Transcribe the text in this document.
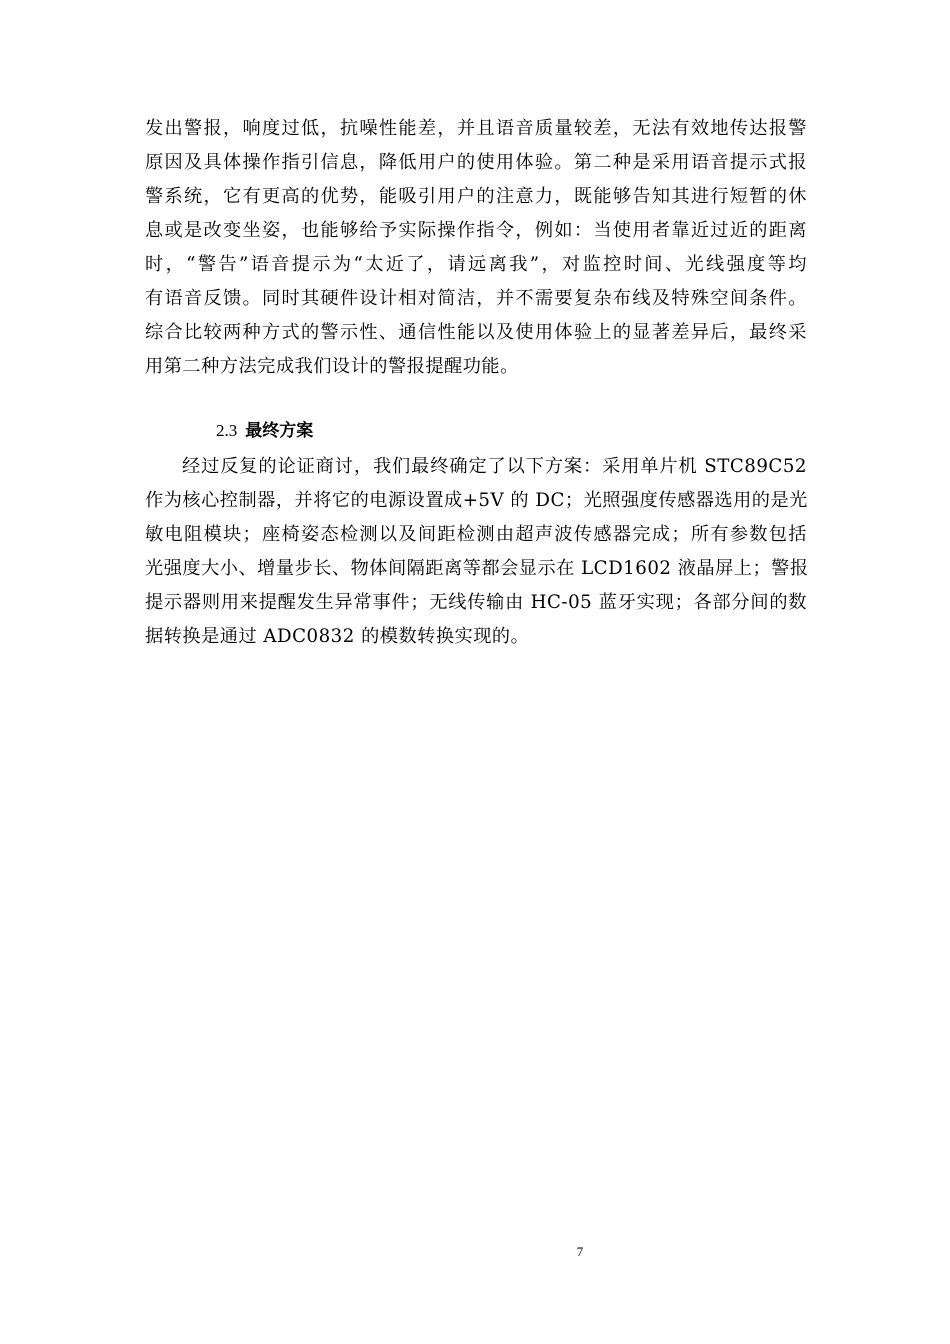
发出警报，响度过低，抗噪性能差，并且语音质量较差，无法有效地传达报警
原因及具体操作指引信息，降低用户的使用体验。第二种是采用语音提示式报
警系统，它有更高的优势，能吸引用户的注意力，既能够告知其进行短暂的休
息或是改变坐姿，也能够给予实际操作指令，例如：当使用者靠近过近的距离
时，“警告”语音提示为“太近了，请远离我”，对监控时间、光线强度等均
有语音反馈。同时其硬件设计相对简洁，并不需要复杂布线及特殊空间条件。
综合比较两种方式的警示性、通信性能以及使用体验上的显著差异后，最终采
用第二种方法完成我们设计的警报提醒功能。
2.3 最终方案
经过反复的论证商讨，我们最终确定了以下方案：采用单片机 STC89C52
作为核心控制器，并将它的电源设置成+5V 的 DC；光照强度传感器选用的是光
敏电阻模块；座椅姿态检测以及间距检测由超声波传感器完成；所有参数包括
光强度大小、增量步长、物体间隔距离等都会显示在 LCD1602 液晶屏上；警报
提示器则用来提醒发生异常事件；无线传输由 HC-05 蓝牙实现；各部分间的数
据转换是通过 ADC0832 的模数转换实现的。
7
